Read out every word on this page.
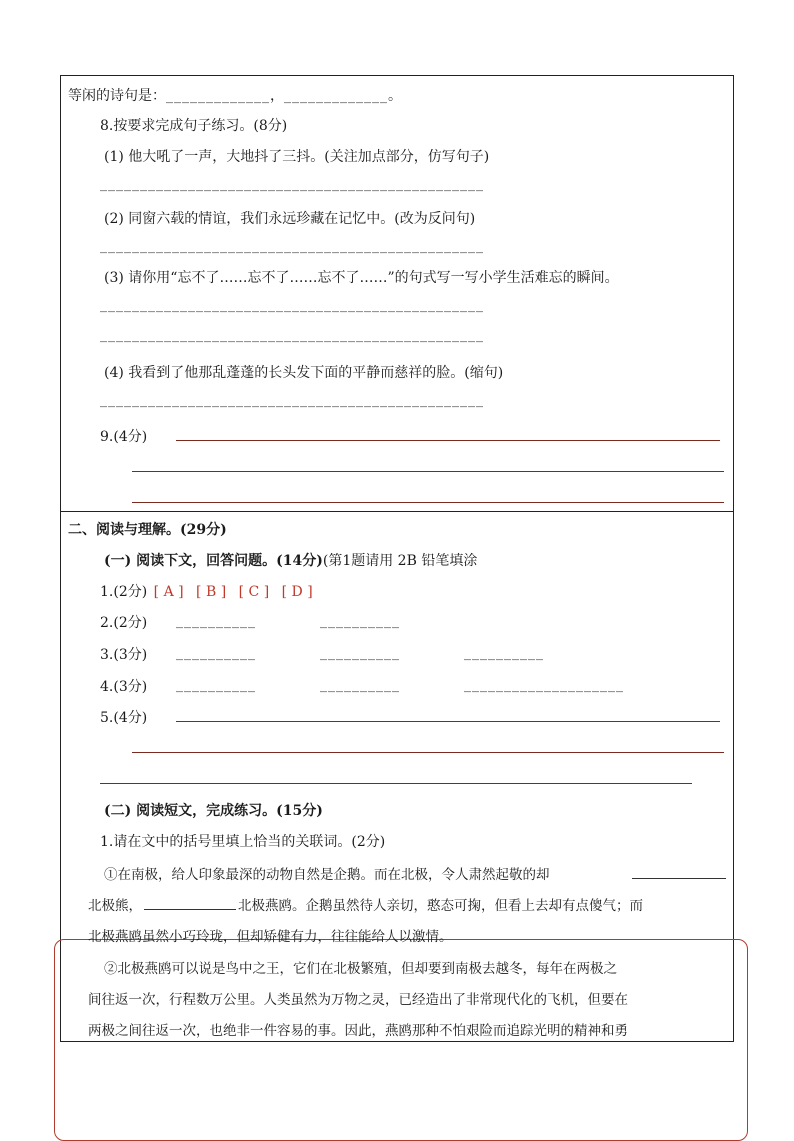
等闲的诗句是：_____________，_____________。
8.按要求完成句子练习。(8分)
(1) 他大吼了一声，大地抖了三抖。(关注加点部分，仿写句子)
________________________________________________
(2) 同窗六载的情谊，我们永远珍藏在记忆中。(改为反问句)
________________________________________________
(3) 请你用“忘不了……忘不了……忘不了……”的句式写一写小学生活难忘的瞬间。
________________________________________________
________________________________________________
(4) 我看到了他那乱蓬蓬的长头发下面的平静而慈祥的脸。(缩句)
________________________________________________
9.(4分)
二、阅读与理解。(29分)
(一) 阅读下文，回答问题。(14分)(第1题请用 2B 铅笔填涂
1.(2分) [ A ] [ B ] [ C ] [ D ]
2.(2分) __________	__________
3.(3分) __________	__________	__________
4.(3分) __________	__________	____________________
5.(4分)
(二) 阅读短文，完成练习。(15分)
1.请在文中的括号里填上恰当的关联词。(2分)
①在南极，给人印象最深的动物自然是企鹅。而在北极，令人肃然起敬的却
北极熊，	北极燕鸥。企鹅虽然待人亲切，憨态可掬，但看上去却有点傻气；而
北极燕鸥虽然小巧玲珑，但却矫健有力，往往能给人以激情。
②北极燕鸥可以说是鸟中之王，它们在北极繁殖，但却要到南极去越冬，每年在两极之
间往返一次，行程数万公里。人类虽然为万物之灵，已经造出了非常现代化的飞机，但要在
两极之间往返一次，也绝非一件容易的事。因此，燕鸥那种不怕艰险而追踪光明的精神和勇
